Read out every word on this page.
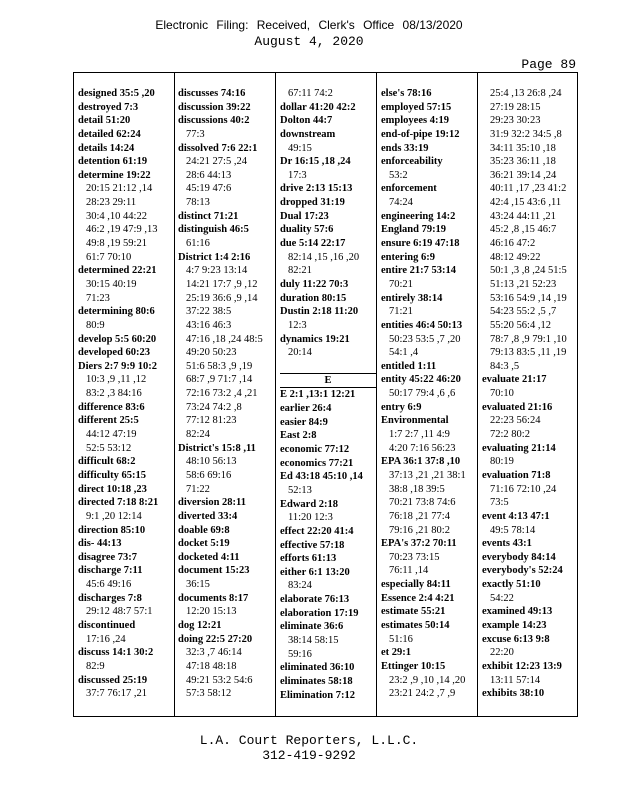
Electronic Filing: Received, Clerk's Office 08/13/2020
August 4, 2020
Page 89
designed 35:5 ,20
destroyed 7:3
detail 51:20
detailed 62:24
details 14:24
detention 61:19
determine 19:22
20:15 21:12 ,14
28:23 29:11
30:4 ,10 44:22
46:2 ,19 47:9 ,13
49:8 ,19 59:21
61:7 70:10
determined 22:21
30:15 40:19
71:23
determining 80:6
80:9
develop 5:5 60:20
developed 60:23
Diers 2:7 9:9 10:2
10:3 ,9 ,11 ,12
83:2 ,3 84:16
difference 83:6
different 25:5
44:12 47:19
52:5 53:12
difficult 68:2
difficulty 65:15
direct 10:18 ,23
directed 7:18 8:21
9:1 ,20 12:14
direction 85:10
dis- 44:13
disagree 73:7
discharge 7:11
45:6 49:16
discharges 7:8
29:12 48:7 57:1
discontinued
17:16 ,24
discuss 14:1 30:2
82:9
discussed 25:19
37:7 76:17 ,21
discusses 74:16
discussion 39:22
discussions 40:2
77:3
dissolved 7:6 22:1
24:21 27:5 ,24
28:6 44:13
45:19 47:6
78:13
distinct 71:21
distinguish 46:5
61:16
District 1:4 2:16
4:7 9:23 13:14
14:21 17:7 ,9 ,12
25:19 36:6 ,9 ,14
37:22 38:5
43:16 46:3
47:16 ,18 ,24 48:5
49:20 50:23
51:6 58:3 ,9 ,19
68:7 ,9 71:7 ,14
72:16 73:2 ,4 ,21
73:24 74:2 ,8
77:12 81:23
82:24
District's 15:8 ,11
48:10 56:13
58:6 69:16
71:22
diversion 28:11
diverted 33:4
doable 69:8
docket 5:19
docketed 4:11
document 15:23
36:15
documents 8:17
12:20 15:13
dog 12:21
doing 22:5 27:20
32:3 ,7 46:14
47:18 48:18
49:21 53:2 54:6
57:3 58:12
67:11 74:2
dollar 41:20 42:2
Dolton 44:7
downstream
49:15
Dr 16:15 ,18 ,24
17:3
drive 2:13 15:13
dropped 31:19
Dual 17:23
duality 57:6
due 5:14 22:17
82:14 ,15 ,16 ,20
82:21
duly 11:22 70:3
duration 80:15
Dustin 2:18 11:20
12:3
dynamics 19:21
20:14
E
E 2:1 ,13:1 12:21
earlier 26:4
easier 84:9
East 2:8
economic 77:12
economics 77:21
Ed 43:18 45:10 ,14
52:13
Edward 2:18
11:20 12:3
effect 22:20 41:4
effective 57:18
efforts 61:13
either 6:1 13:20
83:24
elaborate 76:13
elaboration 17:19
eliminate 36:6
38:14 58:15
59:16
eliminated 36:10
eliminates 58:18
Elimination 7:12
else's 78:16
employed 57:15
employees 4:19
end-of-pipe 19:12
ends 33:19
enforceability
53:2
enforcement
74:24
engineering 14:2
England 79:19
ensure 6:19 47:18
entering 6:9
entire 21:7 53:14
70:21
entirely 38:14
71:21
entities 46:4 50:13
50:23 53:5 ,7 ,20
54:1 ,4
entitled 1:11
entity 45:22 46:20
50:17 79:4 ,6 ,6
entry 6:9
Environmental
1:7 2:7 ,11 4:9
4:20 7:16 56:23
EPA 36:1 37:8 ,10
37:13 ,21 ,21 38:1
38:8 ,18 39:5
70:21 73:8 74:6
76:18 ,21 77:4
79:16 ,21 80:2
EPA's 37:2 70:11
70:23 73:15
76:11 ,14
especially 84:11
Essence 2:4 4:21
estimate 55:21
estimates 50:14
51:16
et 29:1
Ettinger 10:15
23:2 ,9 ,10 ,14 ,20
23:21 24:2 ,7 ,9
25:4 ,13 26:8 ,24
27:19 28:15
29:23 30:23
31:9 32:2 34:5 ,8
34:11 35:10 ,18
35:23 36:11 ,18
36:21 39:14 ,24
40:11 ,17 ,23 41:2
42:4 ,15 43:6 ,11
43:24 44:11 ,21
45:2 ,8 ,15 46:7
46:16 47:2
48:12 49:22
50:1 ,3 ,8 ,24 51:5
51:13 ,21 52:23
53:16 54:9 ,14 ,19
54:23 55:2 ,5 ,7
55:20 56:4 ,12
78:7 ,8 ,9 79:1 ,10
79:13 83:5 ,11 ,19
84:3 ,5
evaluate 21:17
70:10
evaluated 21:16
22:23 56:24
72:2 80:2
evaluating 21:14
80:19
evaluation 71:8
71:16 72:10 ,24
73:5
event 4:13 47:1
49:5 78:14
events 43:1
everybody 84:14
everybody's 52:24
exactly 51:10
54:22
examined 49:13
example 14:23
excuse 6:13 9:8
22:20
exhibit 12:23 13:9
13:11 57:14
exhibits 38:10
L.A. Court Reporters, L.L.C.
312-419-9292
